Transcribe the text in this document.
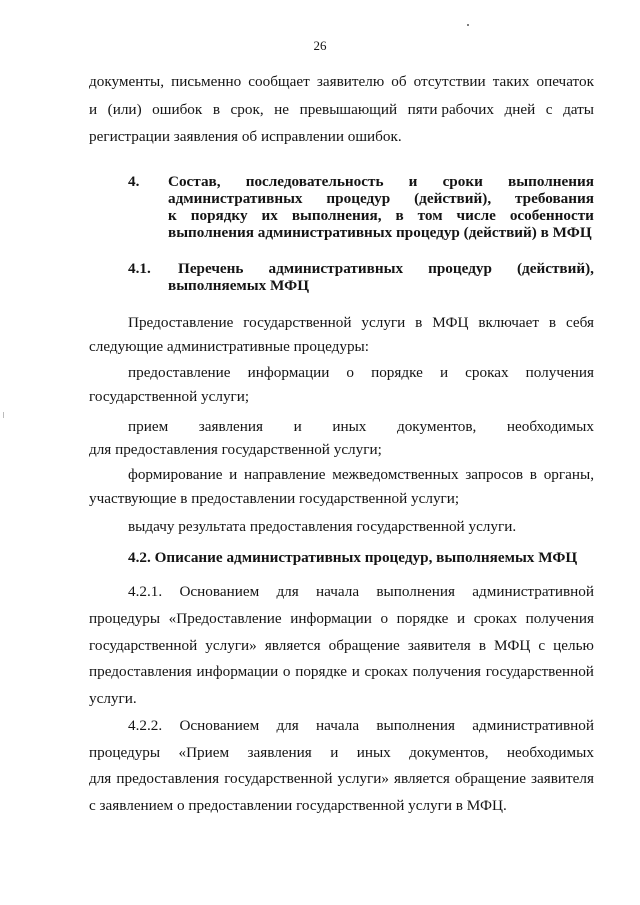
26
документы, письменно сообщает заявителю об отсутствии таких опечаток
и (или) ошибок в срок, не превышающий пяти рабочих дней с даты
регистрации заявления об исправлении ошибок.
4. Состав, последовательность и сроки выполнения
административных процедур (действий), требования
к порядку их выполнения, в том числе особенности
выполнения административных процедур (действий) в МФЦ
4.1. Перечень административных процедур (действий),
выполняемых МФЦ
Предоставление государственной услуги в МФЦ включает в себя
следующие административные процедуры:
предоставление информации о порядке и сроках получения
государственной услуги;
прием заявления и иных документов, необходимых
для предоставления государственной услуги;
формирование и направление межведомственных запросов в органы,
участвующие в предоставлении государственной услуги;
выдачу результата предоставления государственной услуги.
4.2. Описание административных процедур, выполняемых МФЦ
4.2.1. Основанием для начала выполнения административной
процедуры «Предоставление информации о порядке и сроках получения
государственной услуги» является обращение заявителя в МФЦ с целью
предоставления информации о порядке и сроках получения государственной
услуги.
4.2.2. Основанием для начала выполнения административной
процедуры «Прием заявления и иных документов, необходимых
для предоставления государственной услуги» является обращение заявителя
с заявлением о предоставлении государственной услуги в МФЦ.
